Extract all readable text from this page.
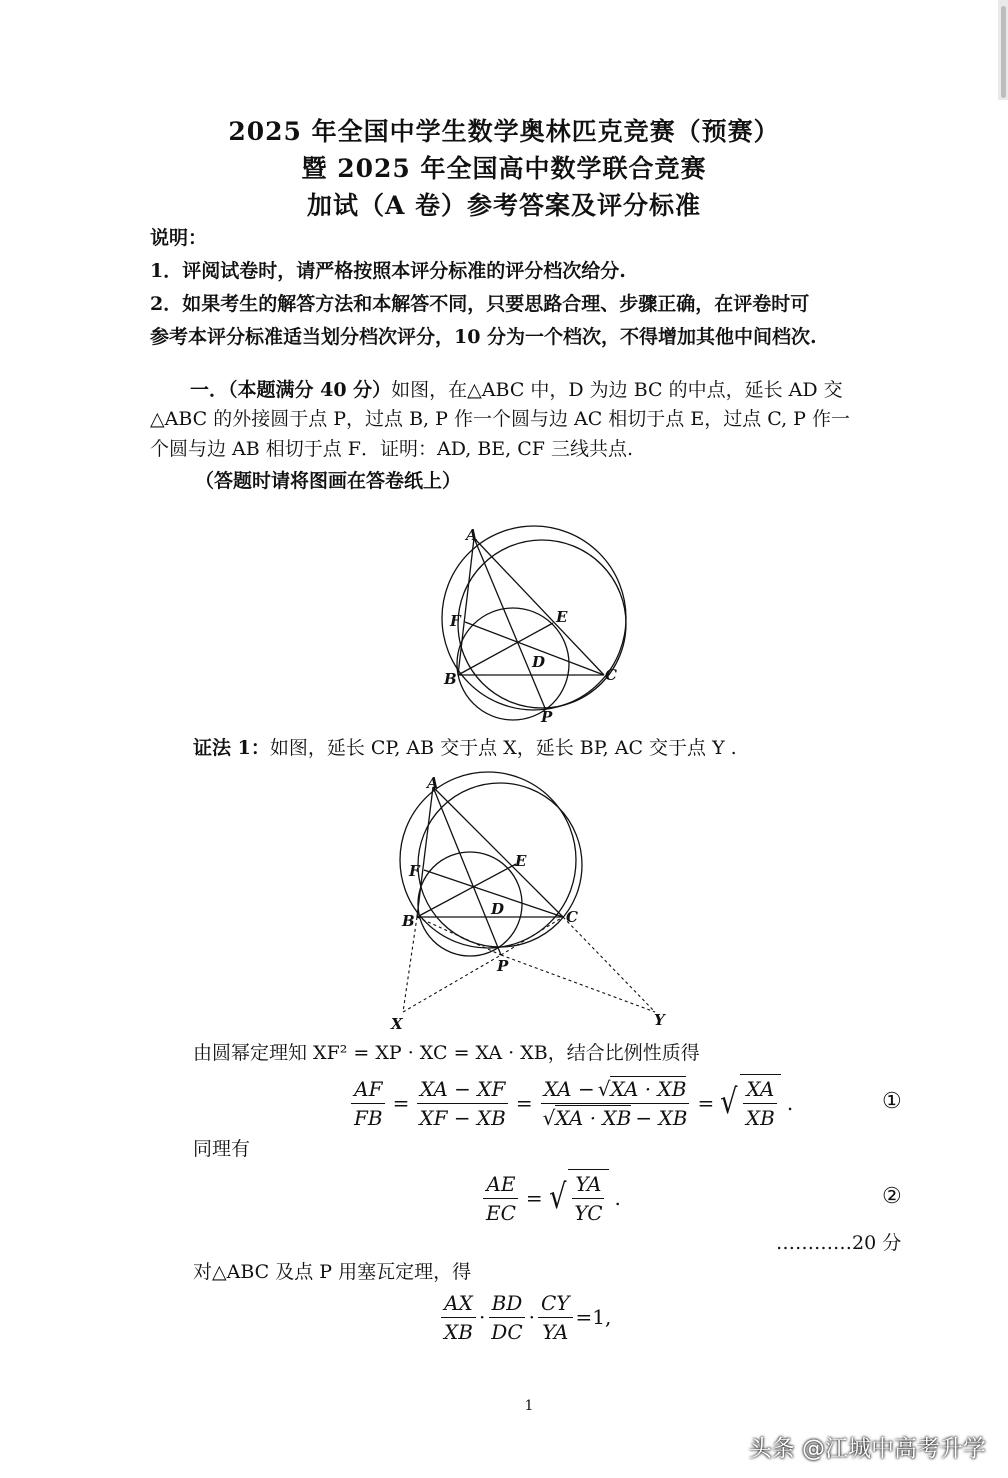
2025 年全国中学生数学奥林匹克竞赛（预赛）
暨 2025 年全国高中数学联合竞赛
加试（A 卷）参考答案及评分标准
说明：
1．评阅试卷时，请严格按照本评分标准的评分档次给分.
2．如果考生的解答方法和本解答不同，只要思路合理、步骤正确，在评卷时可
参考本评分标准适当划分档次评分，10 分为一个档次，不得增加其他中间档次.
一．（本题满分 40 分）如图，在△ABC 中，D 为边 BC 的中点，延长 AD 交
△ABC 的外接圆于点 P，过点 B, P 作一个圆与边 AC 相切于点 E，过点 C, P 作一
个圆与边 AB 相切于点 F．证明：AD, BE, CF 三线共点.
（答题时请将图画在答卷纸上）
A
F	E
D
B	C
P
证法 1：如图，延长 CP, AB 交于点 X，延长 BP, AC 交于点 Y .
A
F
E
D
B	C
P
X	Y
由圆幂定理知 XF² = XP · XC = XA · XB，结合比例性质得
$\frac{AF}{FB} = \frac{XA - XF}{XF - XB} = \frac{XA - √XA \cdot XB}{√XA \cdot XB - XB}$ = √ $\frac{XA}{XB}$ .	①
同理有
$\frac{AE}{EC}$ = √ $\frac{YA}{YC}$ .	②
…………20 分
对△ABC 及点 P 用塞瓦定理，得
$\frac{AX}{XB} \cdot \frac{BD}{DC} \cdot \frac{CY}{YA} =1$,
1
头条 @江城中高考升学
